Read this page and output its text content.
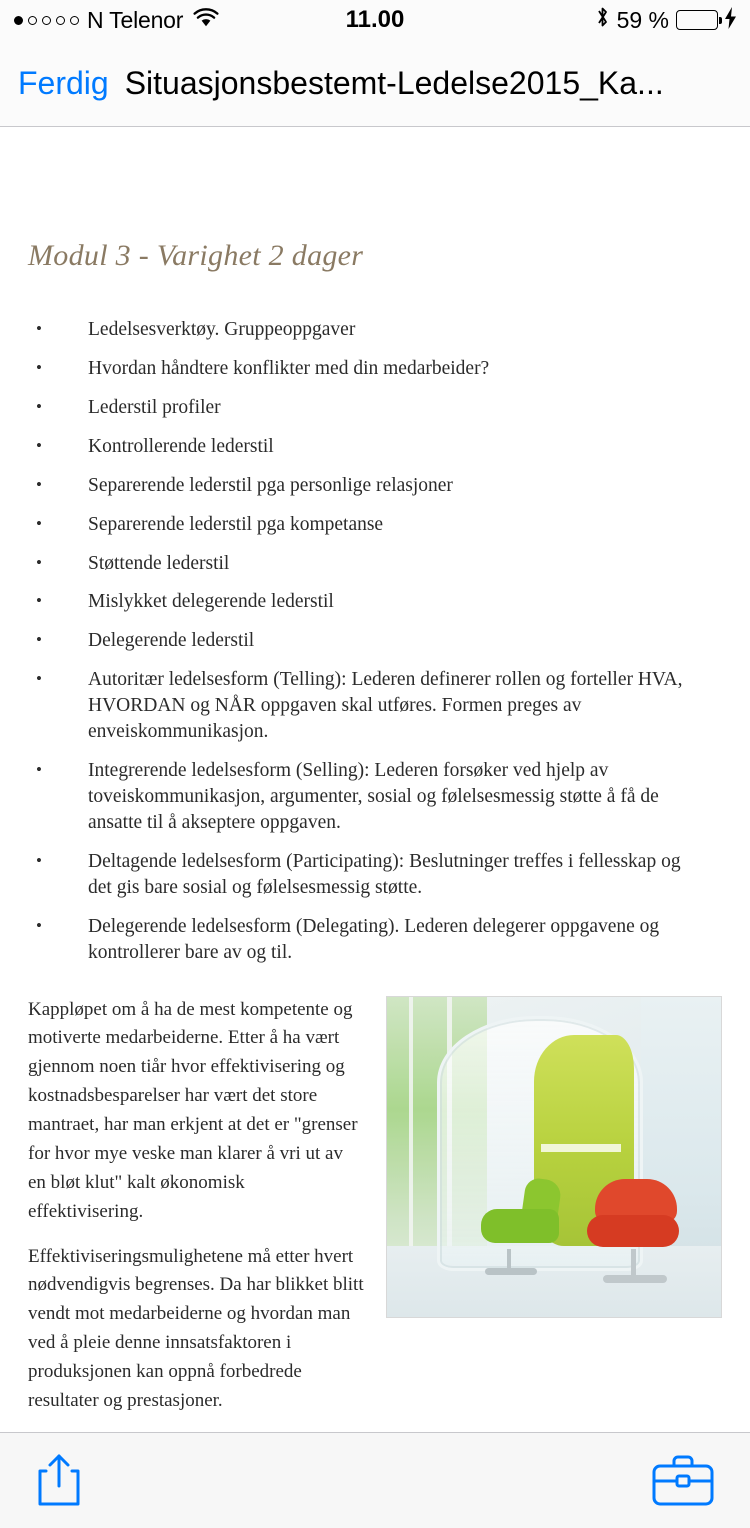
N Telenor	11.00	59 %
Ferdig Situasjonsbestemt-Ledelse2015_Ka...
Modul 3 - Varighet 2 dager
•	Ledelsesverktøy. Gruppeoppgaver
•	Hvordan håndtere konflikter med din medarbeider?
•	Lederstil profiler
•	Kontrollerende lederstil
•	Separerende lederstil pga personlige relasjoner
•	Separerende lederstil pga kompetanse
•	Støttende lederstil
•	Mislykket delegerende lederstil
•	Delegerende lederstil
•	Autoritær ledelsesform (Telling): Lederen definerer rollen og forteller HVA, HVORDAN og NÅR oppgaven skal utføres. Formen preges av enveiskommunikasjon.
•	Integrerende ledelsesform (Selling): Lederen forsøker ved hjelp av toveiskommunikasjon, argumenter, sosial og følelsesmessig støtte å få de ansatte til å akseptere oppgaven.
•	Deltagende ledelsesform (Participating): Beslutninger treffes i fellesskap og det gis bare sosial og følelsesmessig støtte.
•	Delegerende ledelsesform (Delegating). Lederen delegerer oppgavene og kontrollerer bare av og til.

Kappløpet om å ha de mest kompetente og motiverte medarbeiderne. Etter å ha vært gjennom noen tiår hvor effektivisering og kostnadsbesparelser har vært det store mantraet, har man erkjent at det er "grenser for hvor mye veske man klarer å vri ut av en bløt klut" kalt økonomisk effektivisering.

Effektiviseringsmulighetene må etter hvert nødvendigvis begrenses. Da har blikket blitt vendt mot medarbeiderne og hvordan man ved å pleie denne innsatsfaktoren i produksjonen kan oppnå forbedrede resultater og prestasjoner.
